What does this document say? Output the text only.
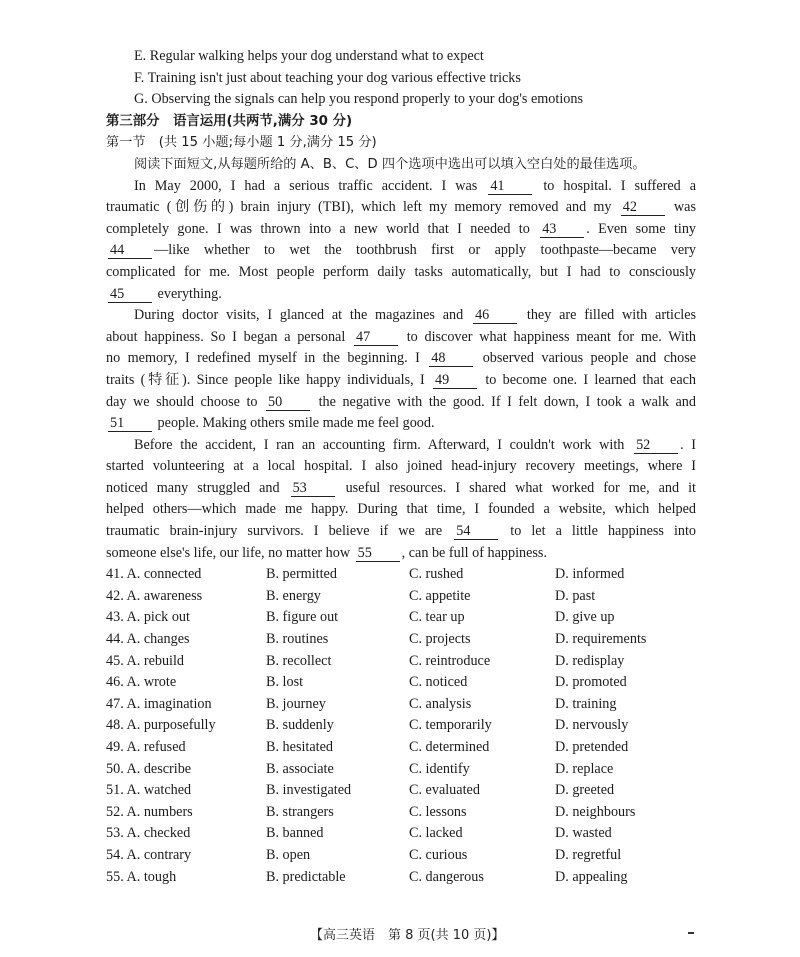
E. Regular walking helps your dog understand what to expect
F. Training isn't just about teaching your dog various effective tricks
G. Observing the signals can help you respond properly to your dog's emotions
第三部分　语言运用(共两节,满分 30 分)
第一节　(共 15 小题;每小题 1 分,满分 15 分)
阅读下面短文,从每题所给的 A、B、C、D 四个选项中选出可以填入空白处的最佳选项。
In May 2000, I had a serious traffic accident. I was 41	to hospital. I suffered a
traumatic (创伤的) brain injury (TBI), which left my memory removed and my 42	was
completely gone. I was thrown into a new world that I needed to 43 . Even some tiny
44 —like whether to wet the toothbrush first or apply toothpaste—became very
complicated for me. Most people perform daily tasks automatically, but I had to consciously
45 everything.
During doctor visits, I glanced at the magazines and 46	they are filled with articles
about happiness. So I began a personal 47	to discover what happiness meant for me. With
no memory, I redefined myself in the beginning. I 48	observed various people and chose
traits (特征). Since people like happy individuals, I 49	to become one. I learned that each
day we should choose to 50	the negative with the good. If I felt down, I took a walk and
51 people. Making others smile made me feel good.
Before the accident, I ran an accounting firm. Afterward, I couldn't work with 52 . I
started volunteering at a local hospital. I also joined head-injury recovery meetings, where I
noticed many struggled and 53	useful resources. I shared what worked for me, and it
helped others—which made me happy. During that time, I founded a website, which helped
traumatic brain-injury survivors. I believe if we are 54	to let a little happiness into
someone else's life, our life, no matter how 55 , can be full of happiness.
41. A. connected	B. permitted	C. rushed	D. informed
42. A. awareness	B. energy	C. appetite	D. past
43. A. pick out	B. figure out	C. tear up	D. give up
44. A. changes	B. routines	C. projects	D. requirements
45. A. rebuild	B. recollect	C. reintroduce	D. redisplay
46. A. wrote	B. lost	C. noticed	D. promoted
47. A. imagination	B. journey	C. analysis	D. training
48. A. purposefully	B. suddenly	C. temporarily	D. nervously
49. A. refused	B. hesitated	C. determined	D. pretended
50. A. describe	B. associate	C. identify	D. replace
51. A. watched	B. investigated	C. evaluated	D. greeted
52. A. numbers	B. strangers	C. lessons	D. neighbours
53. A. checked	B. banned	C. lacked	D. wasted
54. A. contrary	B. open	C. curious	D. regretful
55. A. tough	B. predictable	C. dangerous	D. appealing
【高三英语　第 8 页(共 10 页)】
